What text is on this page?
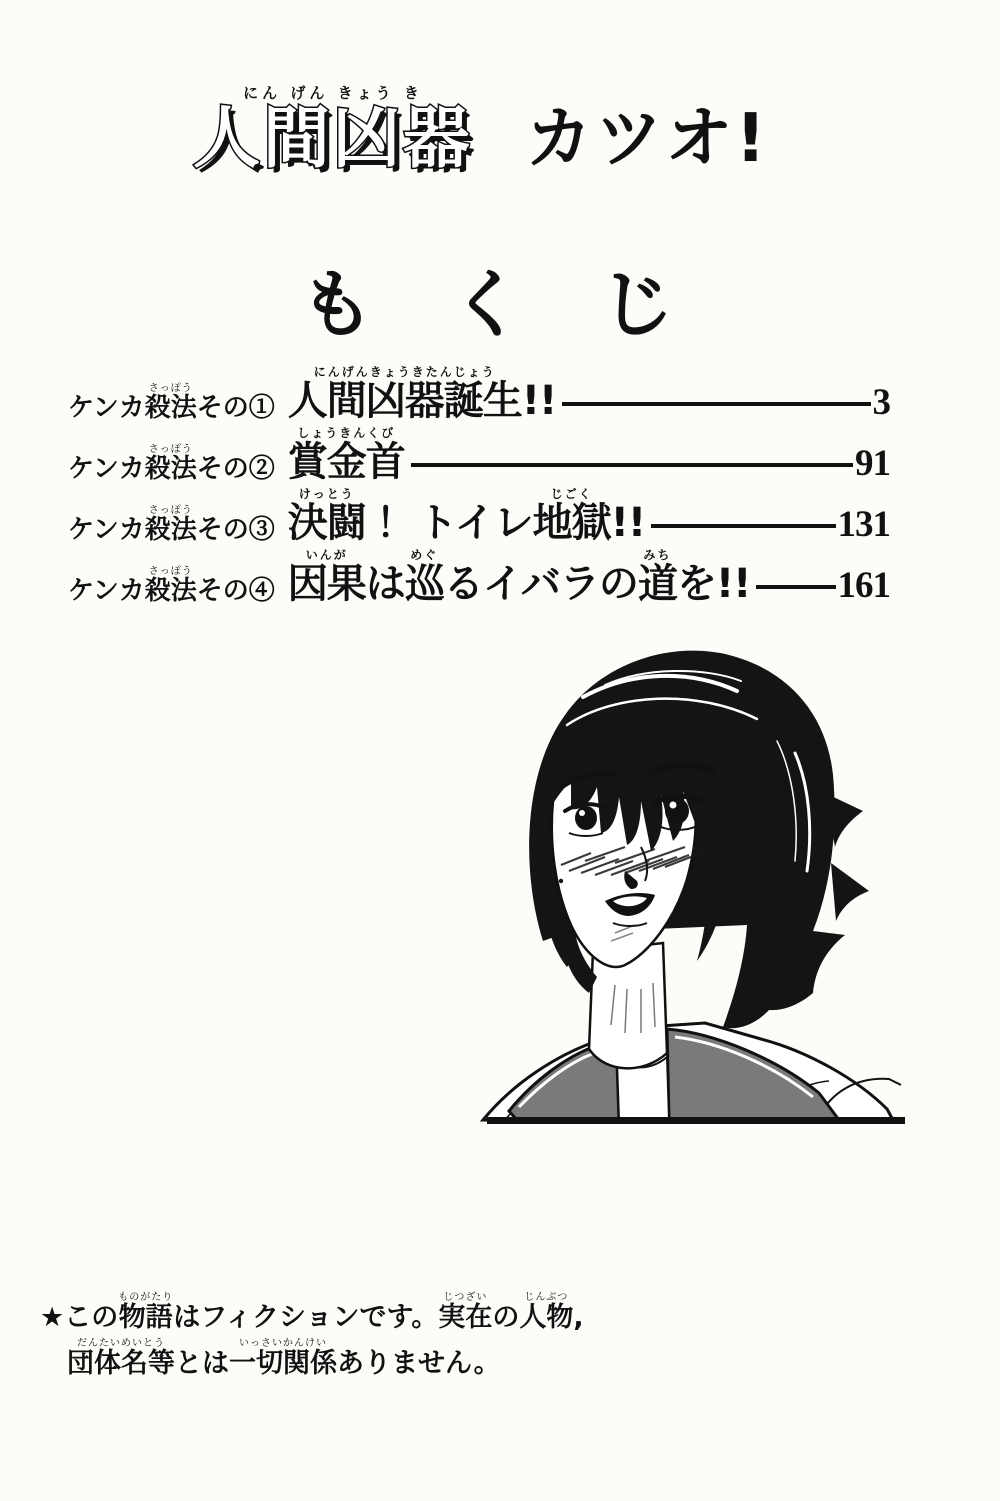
人間凶器にん げん きょう き カツオ!
もくじ
ケンカ殺法さっぽうその① 人間凶器誕生にんげんきょうきたんじょう!!	3
ケンカ殺法さっぽうその② 賞金首しょうきんくび
91
ケンカ殺法さっぽうその③ 決闘けっとう！ トイレ地獄じごく!!	131
ケンカ殺法さっぽうその④ 因果いんがは巡めぐるイバラの道みちを!! 161

★この物語ものがたりはフィクションです。実在じつざいの人物じんぶつ,

団体名等だんたいめいとうとは一切関係いっさいかんけいありません。
